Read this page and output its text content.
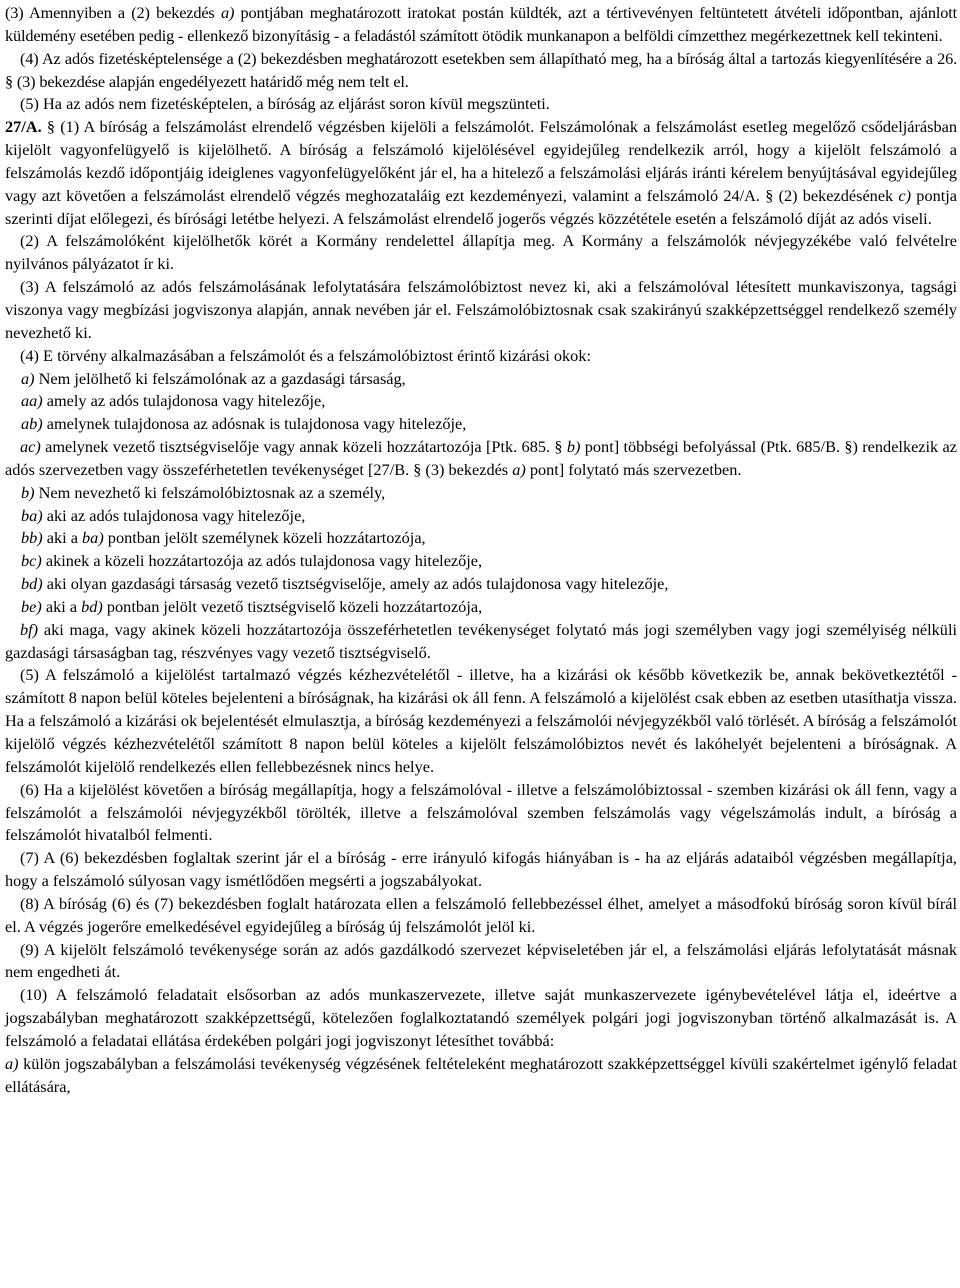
(3) Amennyiben a (2) bekezdés a) pontjában meghatározott iratokat postán küldték, azt a tértivevényen feltüntetett átvételi időpontban, ajánlott küldemény esetében pedig - ellenkező bizonyításig - a feladástól számított ötödik munkanapon a belföldi címzetthez megérkezettnek kell tekinteni.

(4) Az adós fizetésképtelensége a (2) bekezdésben meghatározott esetekben sem állapítható meg, ha a bíróság által a tartozás kiegyenlítésére a 26. § (3) bekezdése alapján engedélyezett határidő még nem telt el.

(5) Ha az adós nem fizetésképtelen, a bíróság az eljárást soron kívül megszünteti.

27/A. § (1) A bíróság a felszámolást elrendelő végzésben kijelöli a felszámolót. Felszámolónak a felszámolást esetleg megelőző csődeljárásban kijelölt vagyonfelügyelő is kijelölhető. A bíróság a felszámoló kijelölésével egyidejűleg rendelkezik arról, hogy a kijelölt felszámoló a felszámolás kezdő időpontjáig ideiglenes vagyonfelügyelőként jár el, ha a hitelező a felszámolási eljárás iránti kérelem benyújtásával egyidejűleg vagy azt követően a felszámolást elrendelő végzés meghozataláig ezt kezdeményezi, valamint a felszámoló 24/A. § (2) bekezdésének c) pontja szerinti díjat előlegezi, és bírósági letétbe helyezi. A felszámolást elrendelő jogerős végzés közzététele esetén a felszámoló díját az adós viseli.

(2) A felszámolóként kijelölhetők körét a Kormány rendelettel állapítja meg. A Kormány a felszámolók névjegyzékébe való felvételre nyilvános pályázatot ír ki.

(3) A felszámoló az adós felszámolásának lefolytatására felszámolóbiztost nevez ki, aki a felszámolóval létesített munkaviszonya, tagsági viszonya vagy megbízási jogviszonya alapján, annak nevében jár el. Felszámolóbiztosnak csak szakirányú szakképzettséggel rendelkező személy nevezhető ki.

(4) E törvény alkalmazásában a felszámolót és a felszámolóbiztost érintő kizárási okok:

a) Nem jelölhető ki felszámolónak az a gazdasági társaság,

aa) amely az adós tulajdonosa vagy hitelezője,

ab) amelynek tulajdonosa az adósnak is tulajdonosa vagy hitelezője,

ac) amelynek vezető tisztségviselője vagy annak közeli hozzátartozója [Ptk. 685. § b) pont] többségi befolyással (Ptk. 685/B. §) rendelkezik az adós szervezetben vagy összeférhetetlen tevékenységet [27/B. § (3) bekezdés a) pont] folytató más szervezetben.

b) Nem nevezhető ki felszámolóbiztosnak az a személy,

ba) aki az adós tulajdonosa vagy hitelezője,

bb) aki a ba) pontban jelölt személynek közeli hozzátartozója,

bc) akinek a közeli hozzátartozója az adós tulajdonosa vagy hitelezője,

bd) aki olyan gazdasági társaság vezető tisztségviselője, amely az adós tulajdonosa vagy hitelezője,

be) aki a bd) pontban jelölt vezető tisztségviselő közeli hozzátartozója,

bf) aki maga, vagy akinek közeli hozzátartozója összeférhetetlen tevékenységet folytató más jogi személyben vagy jogi személyiség nélküli gazdasági társaságban tag, részvényes vagy vezető tisztségviselő.

(5) A felszámoló a kijelölést tartalmazó végzés kézhezvételétől - illetve, ha a kizárási ok később következik be, annak bekövetkeztétől - számított 8 napon belül köteles bejelenteni a bíróságnak, ha kizárási ok áll fenn. A felszámoló a kijelölést csak ebben az esetben utasíthatja vissza. Ha a felszámoló a kizárási ok bejelentését elmulasztja, a bíróság kezdeményezi a felszámolói névjegyzékből való törlését. A bíróság a felszámolót kijelölő végzés kézhezvételétől számított 8 napon belül köteles a kijelölt felszámolóbiztos nevét és lakóhelyét bejelenteni a bíróságnak. A felszámolót kijelölő rendelkezés ellen fellebbezésnek nincs helye.

(6) Ha a kijelölést követően a bíróság megállapítja, hogy a felszámolóval - illetve a felszámolóbiztossal - szemben kizárási ok áll fenn, vagy a felszámolót a felszámolói névjegyzékből törölték, illetve a felszámolóval szemben felszámolás vagy végelszámolás indult, a bíróság a felszámolót hivatalból felmenti.

(7) A (6) bekezdésben foglaltak szerint jár el a bíróság - erre irányuló kifogás hiányában is - ha az eljárás adataiból végzésben megállapítja, hogy a felszámoló súlyosan vagy ismétlődően megsérti a jogszabályokat.

(8) A bíróság (6) és (7) bekezdésben foglalt határozata ellen a felszámoló fellebbezéssel élhet, amelyet a másodfokú bíróság soron kívül bírál el. A végzés jogerőre emelkedésével egyidejűleg a bíróság új felszámolót jelöl ki.

(9) A kijelölt felszámoló tevékenysége során az adós gazdálkodó szervezet képviseletében jár el, a felszámolási eljárás lefolytatását másnak nem engedheti át.

(10) A felszámoló feladatait elsősorban az adós munkaszervezete, illetve saját munkaszervezete igénybevételével látja el, ideértve a jogszabályban meghatározott szakképzettségű, kötelezően foglalkoztatandó személyek polgári jogi jogviszonyban történő alkalmazását is. A felszámoló a feladatai ellátása érdekében polgári jogi jogviszonyt létesíthet továbbá:

a) külön jogszabályban a felszámolási tevékenység végzésének feltételeként meghatározott szakképzettséggel kívüli szakértelmet igénylő feladat ellátására,
